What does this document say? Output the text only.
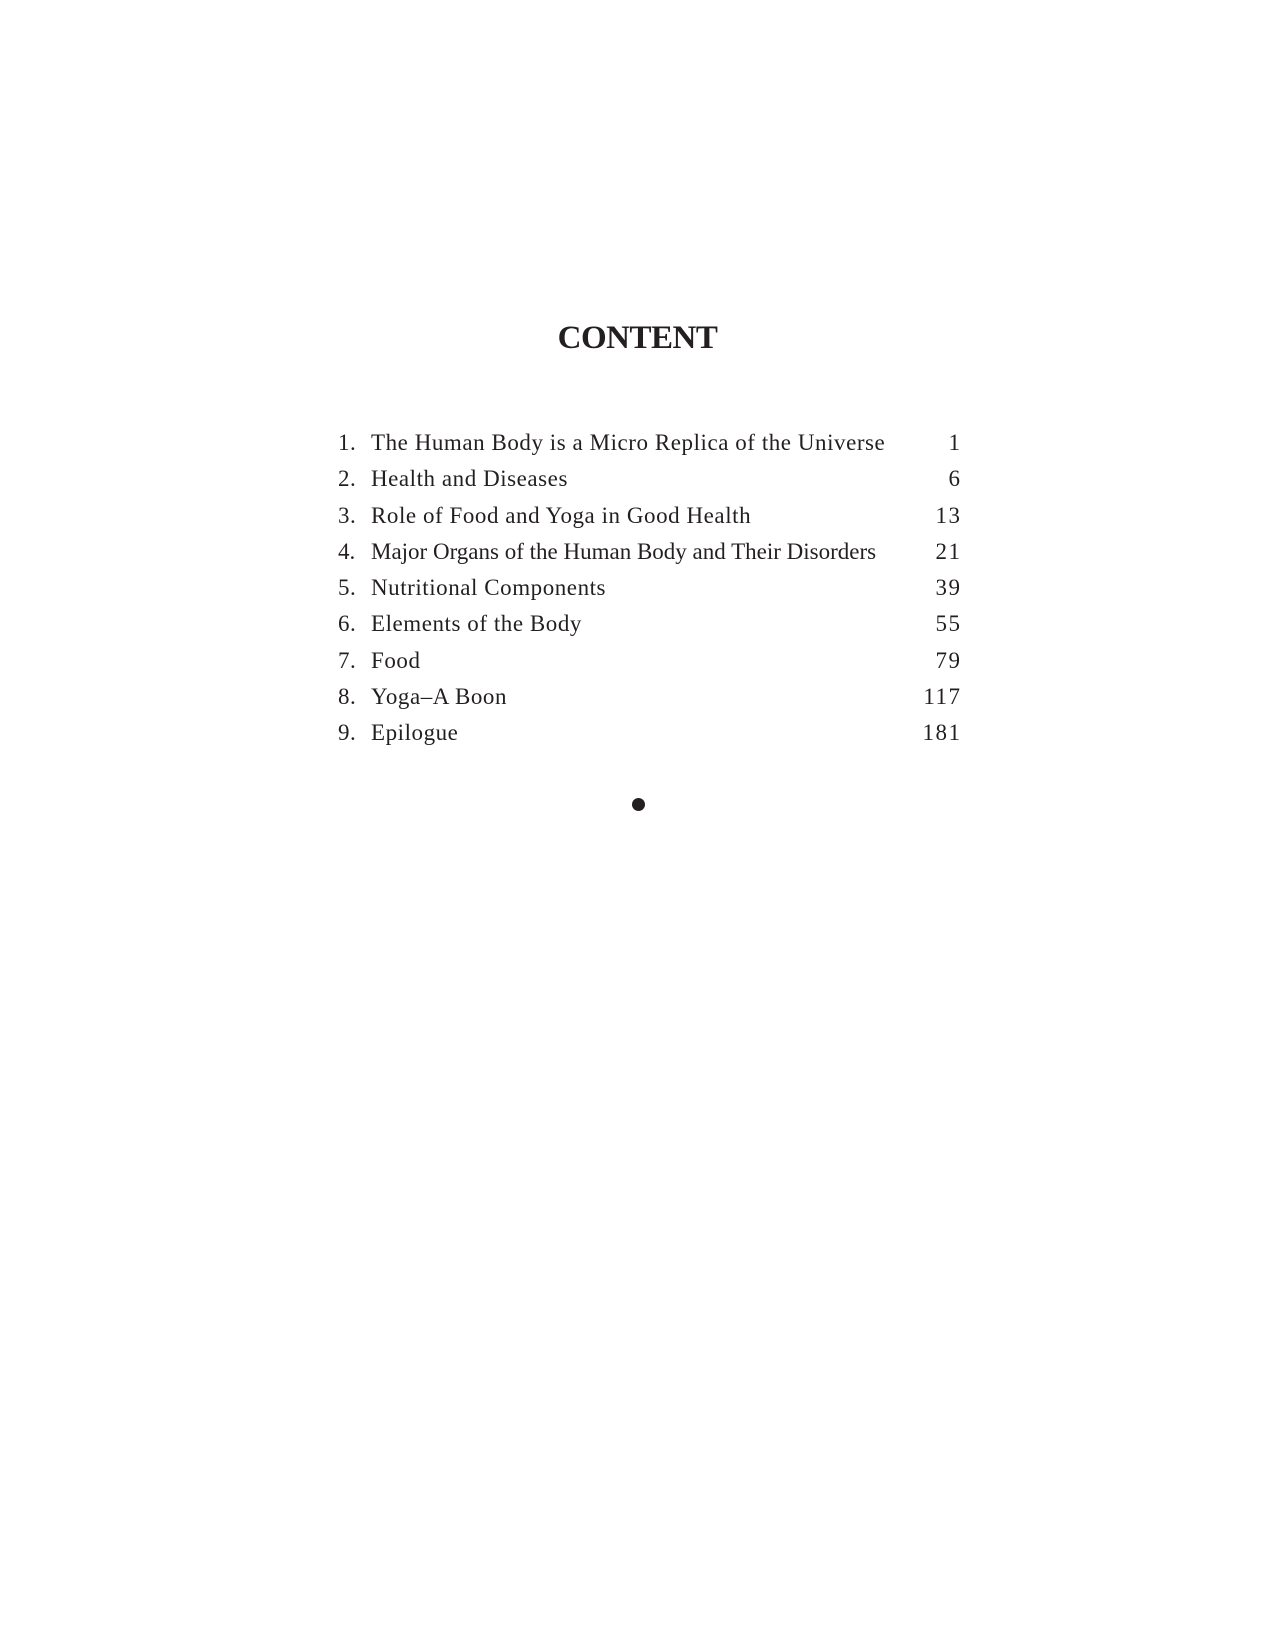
CONTENT
1. The Human Body is a Micro Replica of the Universe	1
2. Health and Diseases	6
3. Role of Food and Yoga in Good Health	13
4. Major Organs of the Human Body and Their Disorders	21
5. Nutritional Components	39
6. Elements of the Body	55
7. Food	79
8. Yoga–A Boon	117
9. Epilogue	181
